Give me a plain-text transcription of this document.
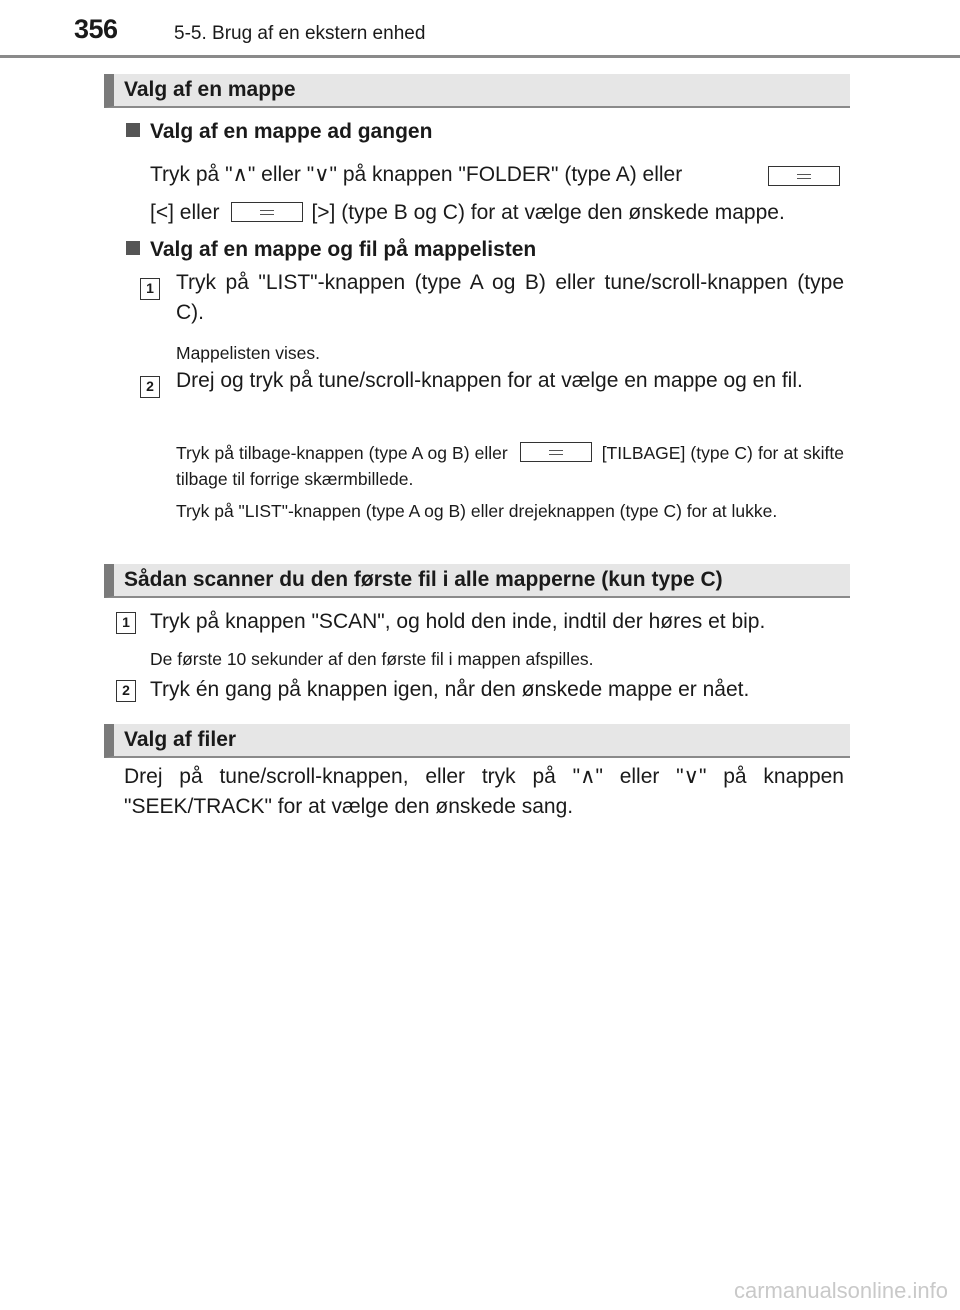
356	5-5. Brug af en ekstern enhed
Valg af en mappe
Valg af en mappe ad gangen
Tryk på "∧" eller "∨" på knappen "FOLDER" (type A) eller
[<] eller	[>] (type B og C) for at vælge den ønskede mappe.
Valg af en mappe og fil på mappelisten
1 Tryk på "LIST"-knappen (type A og B) eller tune/scroll-knappen (type C).
Mappelisten vises.
2 Drej og tryk på tune/scroll-knappen for at vælge en mappe og en fil.
Tryk på tilbage-knappen (type A og B) eller	[TILBAGE] (type C) for at skifte tilbage til forrige skærmbillede.
Tryk på "LIST"-knappen (type A og B) eller drejeknappen (type C) for at lukke.
Sådan scanner du den første fil i alle mapperne (kun type C)
1 Tryk på knappen "SCAN", og hold den inde, indtil der høres et bip.
De første 10 sekunder af den første fil i mappen afspilles.
2 Tryk én gang på knappen igen, når den ønskede mappe er nået.
Valg af filer
Drej på tune/scroll-knappen, eller tryk på "∧" eller "∨" på knappen "SEEK/TRACK" for at vælge den ønskede sang.
carmanualsonline.info
